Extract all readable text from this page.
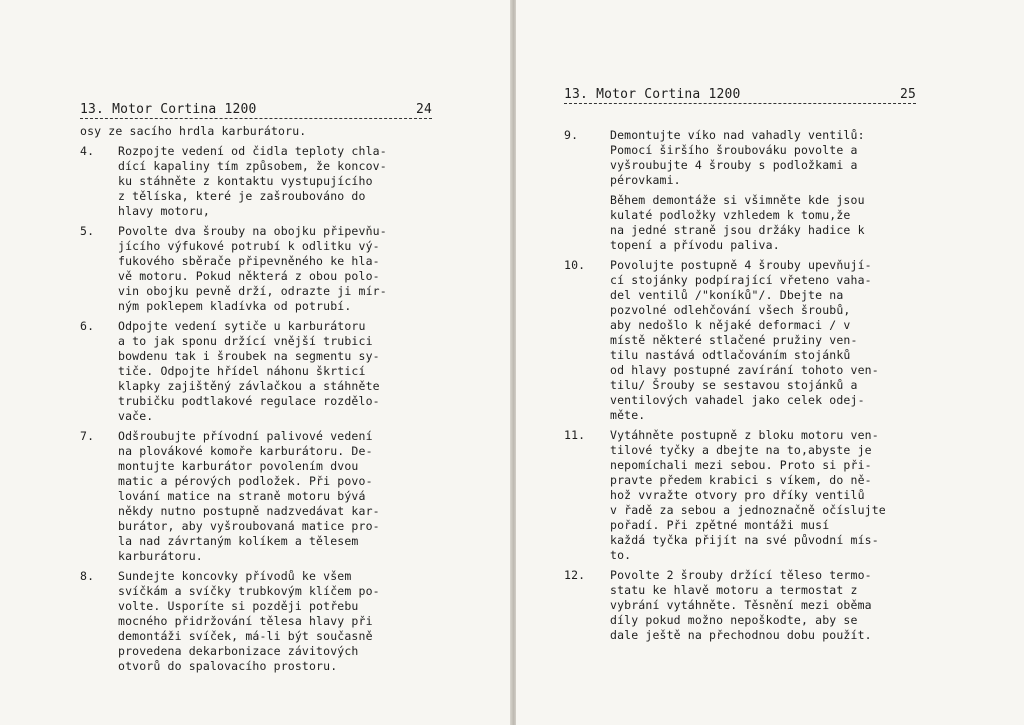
13. Motor Cortina 1200	24
osy ze sacího hrdla karburátoru.
4. Rozpojte vedení od čidla teploty chla-
dící kapaliny tím způsobem, že koncov-
ku stáhněte z kontaktu vystupujícího
z tělíska, které je zašroubováno do
hlavy motoru,
5. Povolte dva šrouby na obojku připevňu-
jícího výfukové potrubí k odlitku vý-
fukového sběrače připevněného ke hla-
vě motoru. Pokud některá z obou polo-
vin obojku pevně drží, odrazte ji mír-
ným poklepem kladívka od potrubí.
6. Odpojte vedení sytiče u karburátoru
a to jak sponu držící vnější trubici
bowdenu tak i šroubek na segmentu sy-
tiče. Odpojte hřídel náhonu škrticí
klapky zajištěný závlačkou a stáhněte
trubičku podtlakové regulace rozdělo-
vače.
7. Odšroubujte přívodní palivové vedení
na plovákové komoře karburátoru. De-
montujte karburátor povolením dvou
matic a pérových podložek. Při povo-
lování matice na straně motoru bývá
někdy nutno postupně nadzvedávat kar-
burátor, aby vyšroubovaná matice pro-
la nad závrtaným kolíkem a tělesem
karburátoru.
8. Sundejte koncovky přívodů ke všem
svíčkám a svíčky trubkovým klíčem po-
volte. Usporíte si později potřebu
mocného přidržování tělesa hlavy při
demontáži svíček, má-li být současně
provedena dekarbonizace závitových
otvorů do spalovacího prostoru.
13. Motor Cortina 1200	25
9.	Demontujte víko nad vahadly ventilů:
Pomocí širšího šroubováku povolte a
vyšroubujte 4 šrouby s podložkami a
pérovkami.
Během demontáže si všimněte kde jsou
kulaté podložky vzhledem k tomu,že
na jedné straně jsou držáky hadice k
topení a přívodu paliva.
10. Povolujte postupně 4 šrouby upevňují-
cí stojánky podpírající vřeteno vaha-
del ventilů /"koníků"/. Dbejte na
pozvolné odlehčování všech šroubů,
aby nedošlo k nějaké deformaci / v
místě některé stlačené pružiny ven-
tilu nastává odtlačováním stojánků
od hlavy postupné zavírání tohoto ven-
tilu/ Šrouby se sestavou stojánků a
ventilových vahadel jako celek odej-
měte.
11. Vytáhněte postupně z bloku motoru ven-
tilové tyčky a dbejte na to,abyste je
nepomíchali mezi sebou. Proto si při-
pravte předem krabici s víkem, do ně-
hož vvražte otvory pro dříky ventilů
v řadě za sebou a jednoznačně očíslujte
pořadí. Při zpětné montáži musí
každá tyčka přijít na své původní mís-
to.
12. Povolte 2 šrouby držící těleso termo-
statu ke hlavě motoru a termostat z
vybrání vytáhněte. Těsnění mezi oběma
díly pokud možno nepoškodte, aby se
dale ještě na přechodnou dobu použít.
